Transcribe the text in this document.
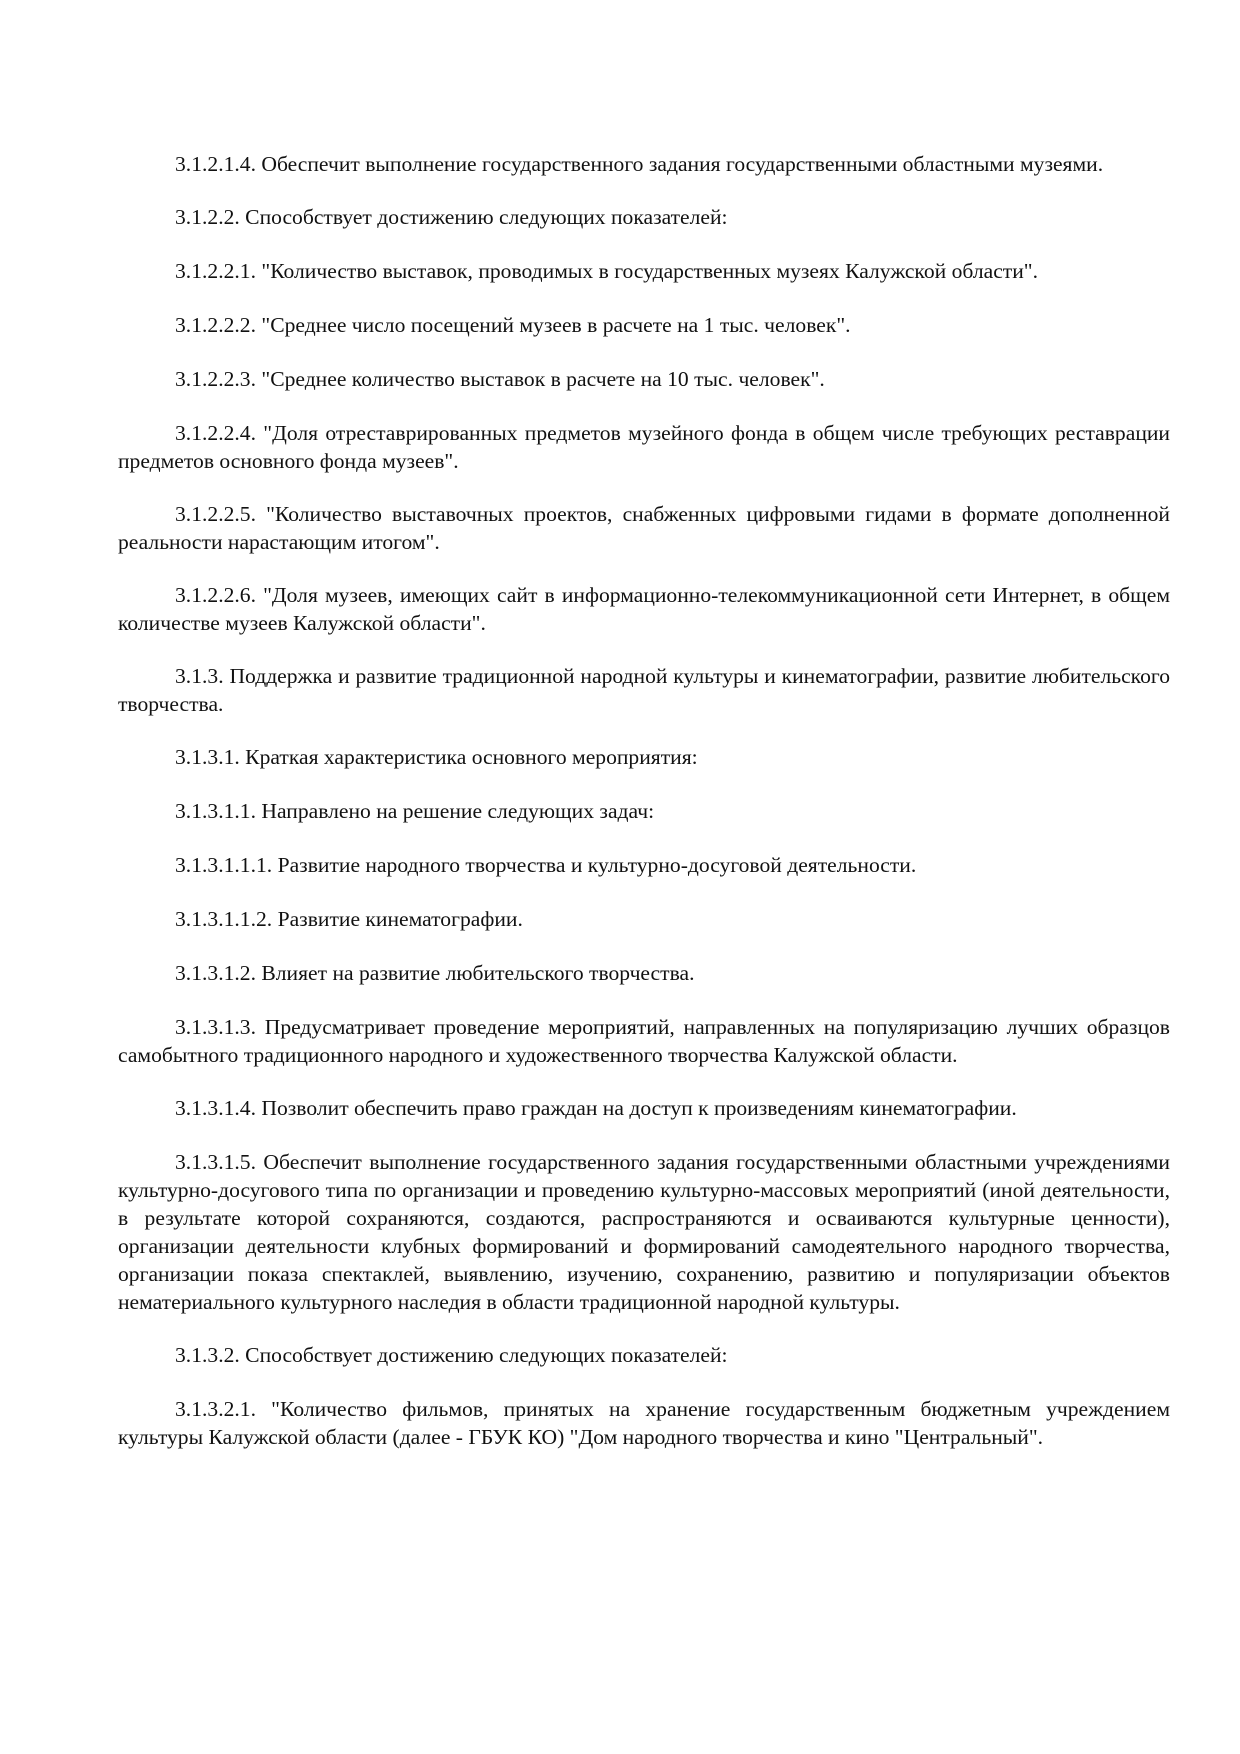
3.1.2.1.4. Обеспечит выполнение государственного задания государственными областными музеями.

3.1.2.2. Способствует достижению следующих показателей:

3.1.2.2.1. "Количество выставок, проводимых в государственных музеях Калужской области".

3.1.2.2.2. "Среднее число посещений музеев в расчете на 1 тыс. человек".

3.1.2.2.3. "Среднее количество выставок в расчете на 10 тыс. человек".

3.1.2.2.4. "Доля отреставрированных предметов музейного фонда в общем числе требующих реставрации предметов основного фонда музеев".

3.1.2.2.5. "Количество выставочных проектов, снабженных цифровыми гидами в формате дополненной реальности нарастающим итогом".

3.1.2.2.6. "Доля музеев, имеющих сайт в информационно-телекоммуникационной сети Интернет, в общем количестве музеев Калужской области".

3.1.3. Поддержка и развитие традиционной народной культуры и кинематографии, развитие любительского творчества.

3.1.3.1. Краткая характеристика основного мероприятия:

3.1.3.1.1. Направлено на решение следующих задач:

3.1.3.1.1.1. Развитие народного творчества и культурно-досуговой деятельности.

3.1.3.1.1.2. Развитие кинематографии.

3.1.3.1.2. Влияет на развитие любительского творчества.

3.1.3.1.3. Предусматривает проведение мероприятий, направленных на популяризацию лучших образцов самобытного традиционного народного и художественного творчества Калужской области.

3.1.3.1.4. Позволит обеспечить право граждан на доступ к произведениям кинематографии.

3.1.3.1.5. Обеспечит выполнение государственного задания государственными областными учреждениями культурно-досугового типа по организации и проведению культурно-массовых мероприятий (иной деятельности, в результате которой сохраняются, создаются, распространяются и осваиваются культурные ценности), организации деятельности клубных формирований и формирований самодеятельного народного творчества, организации показа спектаклей, выявлению, изучению, сохранению, развитию и популяризации объектов нематериального культурного наследия в области традиционной народной культуры.

3.1.3.2. Способствует достижению следующих показателей:

3.1.3.2.1. "Количество фильмов, принятых на хранение государственным бюджетным учреждением культуры Калужской области (далее - ГБУК КО) "Дом народного творчества и кино "Центральный".
